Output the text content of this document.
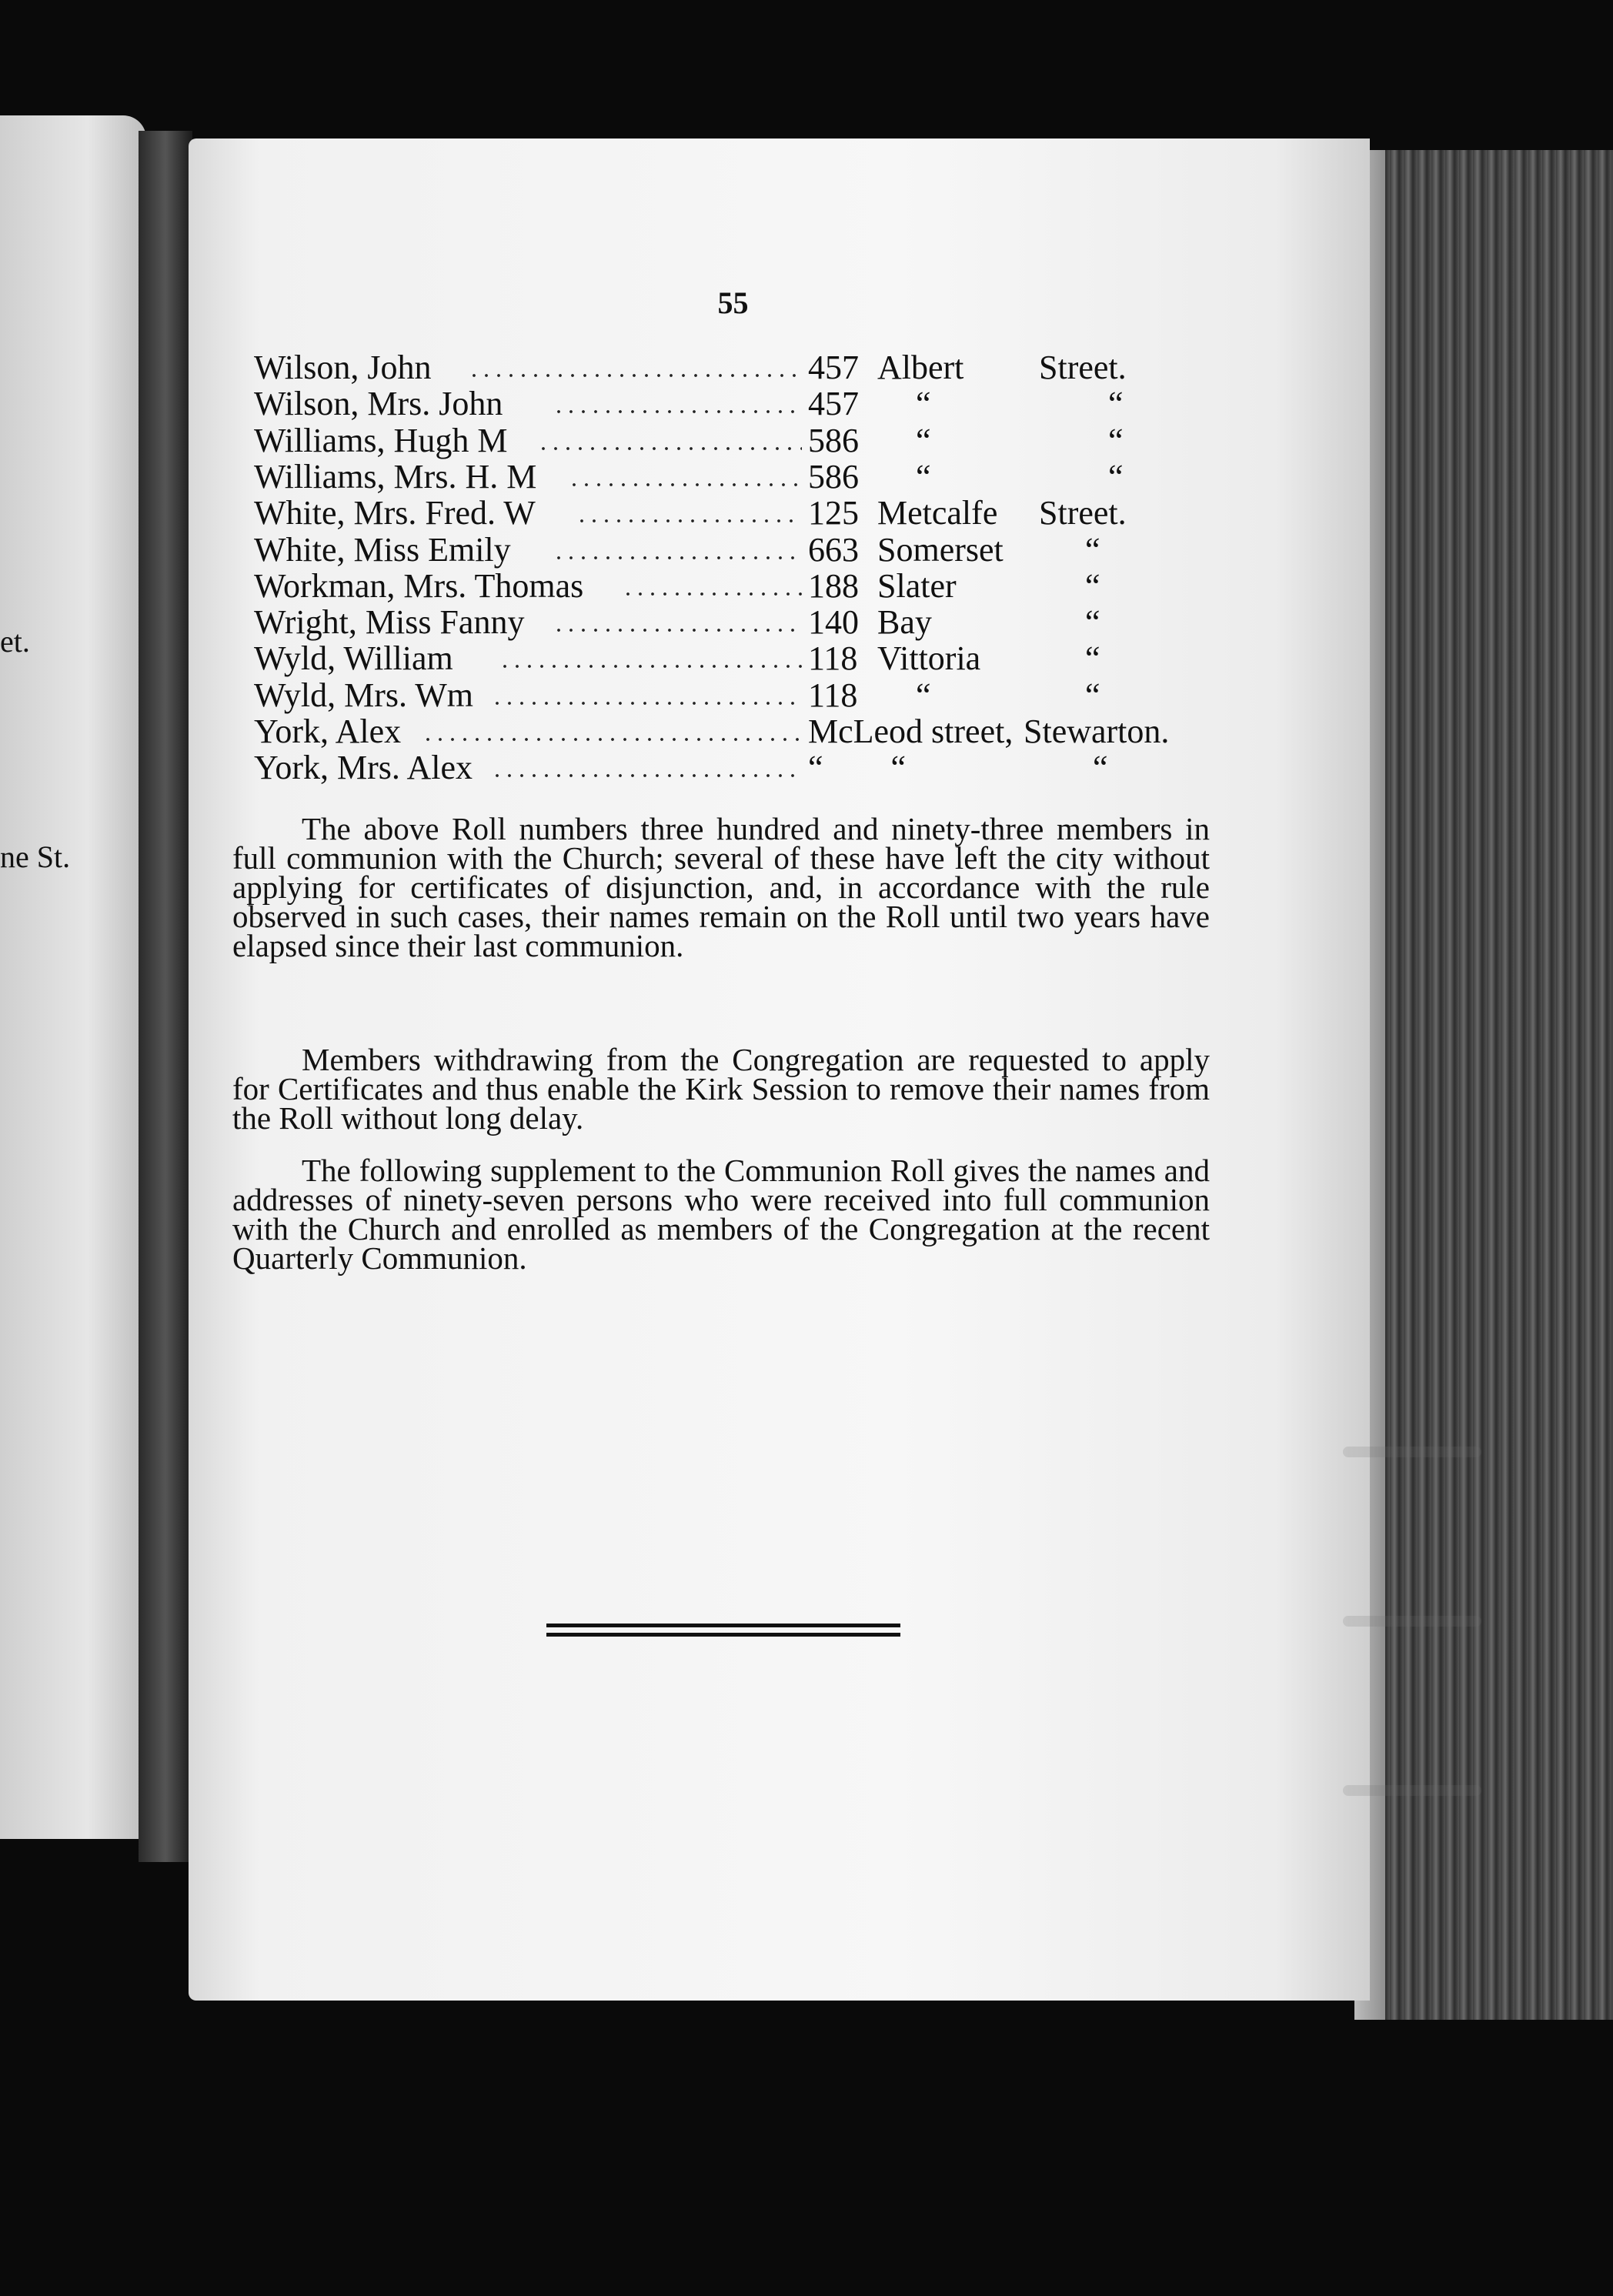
et.
ne St.
55
Wilson, John	457 Albert Street.
Wilson, Mrs. John	457 “	“
Williams, Hugh M	586 “	“
Williams, Mrs. H. M	586 “	“
White, Mrs. Fred. W	125 Metcalfe Street.
White, Miss Emily	663 Somerset “
Workman, Mrs. Thomas	188 Slater	“
Wright, Miss Fanny	140 Bay	“
Wyld, William	118 Vittoria	“
Wyld, Mrs. Wm	118 “	“
York, Alex	McLeod street, Stewarton.
York, Mrs. Alex	“        “	“

The above Roll numbers three hundred and ninety-three members in full communion with the Church; several of these have left the city without applying for certificates of disjunction, and, in accordance with the rule observed in such cases, their names remain on the Roll until two years have elapsed since their last communion.

Members withdrawing from the Congregation are requested to apply for Certificates and thus enable the Kirk Session to remove their names from the Roll without long delay.

The following supplement to the Communion Roll gives the names and addresses of ninety-seven persons who were received into full communion with the Church and enrolled as members of the Congregation at the recent Quarterly Communion.
